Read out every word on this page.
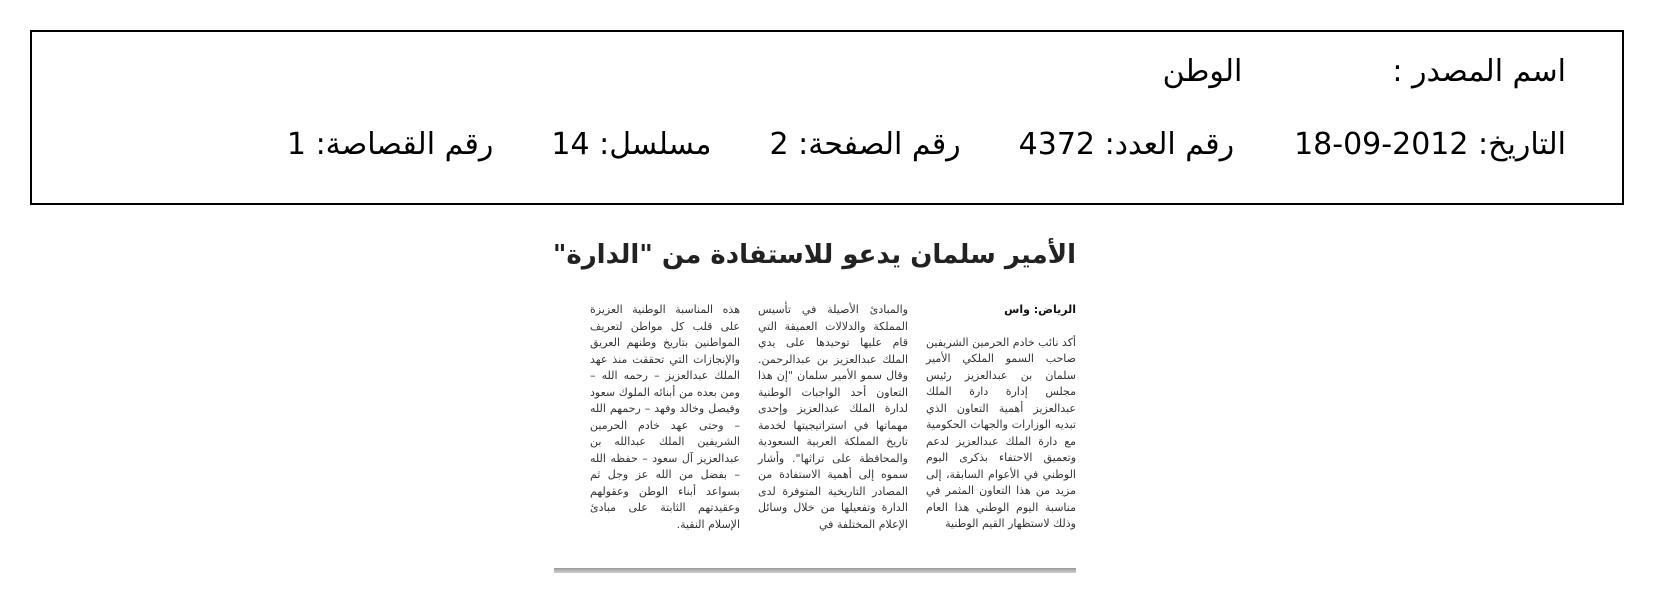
اسم المصدر :الوطن
التاريخ: 2012-09-18رقم العدد: 4372رقم الصفحة: 2مسلسل: 14رقم القصاصة: 1
الأمير سلمان يدعو للاستفادة من "الدارة"

الرياض: واس

أكد نائب خادم الحرمين الشريفين صاحب السمو الملكي الأمير سلمان بن عبدالعزيز رئيس مجلس إدارة دارة الملك عبدالعزيز أهمية التعاون الذي تبديه الوزارات والجهات الحكومية مع دارة الملك عبدالعزيز لدعم وتعميق الاحتفاء بذكرى اليوم الوطني في الأعوام السابقة، إلى مزيد من هذا التعاون المثمر في مناسبة اليوم الوطني هذا العام وذلك لاستظهار القيم الوطنية

والمبادئ الأصيلة في تأسيس المملكة والدلالات العميقة التي قام عليها توحيدها على يدي الملك عبدالعزيز بن عبدالرحمن. وقال سمو الأمير سلمان "إن هذا التعاون أحد الواجبات الوطنية لدارة الملك عبدالعزيز وإحدى مهماتها في استراتيجيتها لخدمة تاريخ المملكة العربية السعودية والمحافظة على تراثها". وأشار سموه إلى أهمية الاستفادة من المصادر التاريخية المتوفرة لدى الدارة وتفعيلها من خلال وسائل الإعلام المختلفة في

هذه المناسبة الوطنية العزيزة على قلب كل مواطن لتعريف المواطنين بتاريخ وطنهم العريق والإنجازات التي تحققت منذ عهد الملك عبدالعزيز – رحمه الله – ومن بعده من أبنائه الملوك سعود وفيصل وخالد وفهد – رحمهم الله – وحتى عهد خادم الحرمين الشريفين الملك عبدالله بن عبدالعزيز آل سعود – حفظه الله – بفضل من الله عز وجل ثم بسواعد أبناء الوطن وعقولهم وعقيدتهم الثابتة على مبادئ الإسلام النقية.
